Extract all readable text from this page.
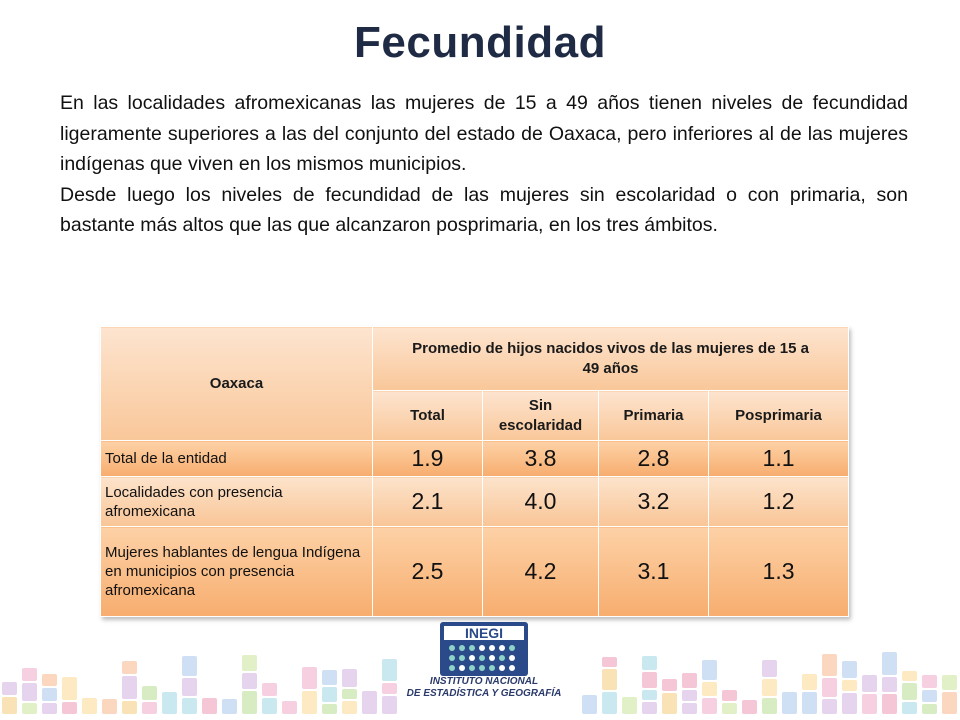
Fecundidad

En las localidades afromexicanas las mujeres de 15 a 49 años tienen niveles de fecundidad ligeramente superiores a las del conjunto del estado de Oaxaca, pero inferiores al de las mujeres indígenas que viven en los mismos municipios.

Desde luego los niveles de fecundidad de las mujeres sin escolaridad o con primaria, son bastante más altos que las que alcanzaron posprimaria, en los tres ámbitos.

Oaxaca	Promedio de hijos nacidos vivos de las mujeres de 15 a 49 años			
	Total	Sin escolaridad	Primaria	Posprimaria
Total de la entidad	1.9	3.8	2.8	1.1
Localidades con presencia afromexicana	2.1	4.0	3.2	1.2
Mujeres hablantes de lengua Indígena en municipios con presencia afromexicana	2.5	4.2	3.1	1.3
INEGI
INSTITUTO NACIONAL
DE ESTADÍSTICA Y GEOGRAFÍA
